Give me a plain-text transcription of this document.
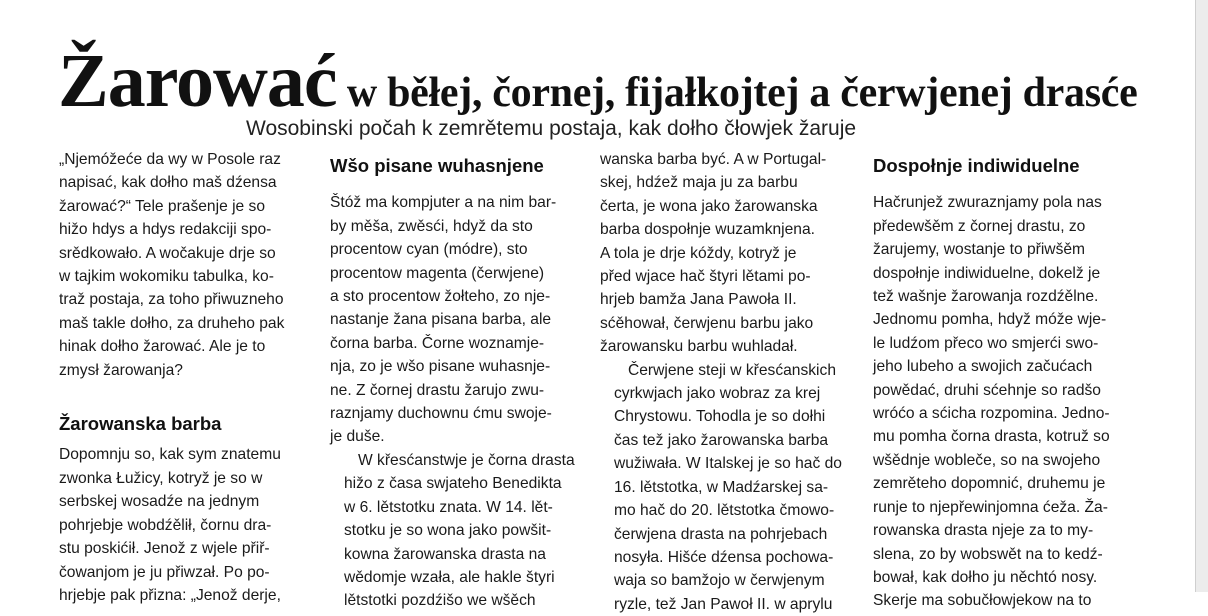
Žarować w běłej, čornej, fijałkojtej a čerwjenej drasće
Wosobinski počah k zemrětemu postaja, kak dołho čłowjek žaruje

„Njemóžeće da wy w Posole raz
napisać, kak dołho maš dźensa
žarować?“ Tele prašenje je so
hižo hdys a hdys redakciji spo-
srědkowało. A wočakuje drje so
w tajkim wokomiku tabulka, ko-
traž postaja, za toho přiwuzneho
maš takle dołho, za druheho pak
hinak dołho žarować. Ale je to
zmysł žarowanja?

Žarowanska barba

Dopomnju so, kak sym znatemu
zwonka Łužicy, kotryž je so w
serbskej wosadźe na jednym
pohrjebje wobdźělił, čornu dra-
stu poskićił. Jenož z wjele přiř-
čowanjom je ju přiwzał. Po po-
hrjebje pak přizna: „Jenož derje,

Wšo pisane wuhasnjene

Štóž ma kompjuter a na nim bar-
by měša, zwěsći, hdyž da sto
procentow cyan (módre), sto
procentow magenta (čerwjene)
a sto procentow žołteho, zo nje-
nastanje žana pisana barba, ale
čorna barba. Čorne woznamje-
nja, zo je wšo pisane wuhasnje-
ne. Z čornej drastu žarujo zwu-
raznjamy duchownu ćmu swoje-
je duše.

W křesćanstwje je čorna drasta
hižo z časa swjateho Benedikta
w 6. lětstotku znata. W 14. lět-
stotku je so wona jako powšit-
kowna žarowanska drasta na
wědomje wzała, ale hakle štyri
lětstotki pozdźišo we wšěch

wanska barba być. A w Portugal-
skej, hdźež maja ju za barbu
čerta, je wona jako žarowanska
barba dospołnje wuzamknjena.
A tola je drje kóždy, kotryž je
před wjace hač štyri lětami po-
hrjeb bamža Jana Pawoła II.
sćěhował, čerwjenu barbu jako
žarowansku barbu wuhladał.

Čerwjene steji w křesćanskich
cyrkwjach jako wobraz za krej
Chrystowu. Tohodla je so dołhi
čas tež jako žarowanska barba
wužiwała. W Italskej je so hač do
16. lětstotka, w Madźarskej sa-
mo hač do 20. lětstotka čmowo-
čerwjena drasta na pohrjebach
nosyła. Hišće dźensa pochowa-
waja so bamžojo w čerwjenym
ryzle, tež Jan Pawoł II. w aprylu

Dospołnje indiwiduelne

Hačrunjež zwuraznjamy pola nas
předewšěm z čornej drastu, zo
žarujemy, wostanje to přiwšěm
dospołnje indiwiduelne, dokelž je
tež wašnje žarowanja rozdźělne.
Jednomu pomha, hdyž móže wje-
le ludźom přeco wo smjerći swo-
jeho lubeho a swojich začućach
powědać, druhi sćehnje so radšo
wróćo a sćicha rozpomina. Jedno-
mu pomha čorna drasta, kotruž so
wšědnje wobleče, so na swojeho
zemrěteho dopomnić, druhemu je
runje to njepřewinjomna ćeža. Ža-
rowanska drasta njeje za to my-
slena, zo by wobswět na to kedź-
bował, kak dołho ju něchtó nosy.
Skerje ma sobučłowjekow na to
